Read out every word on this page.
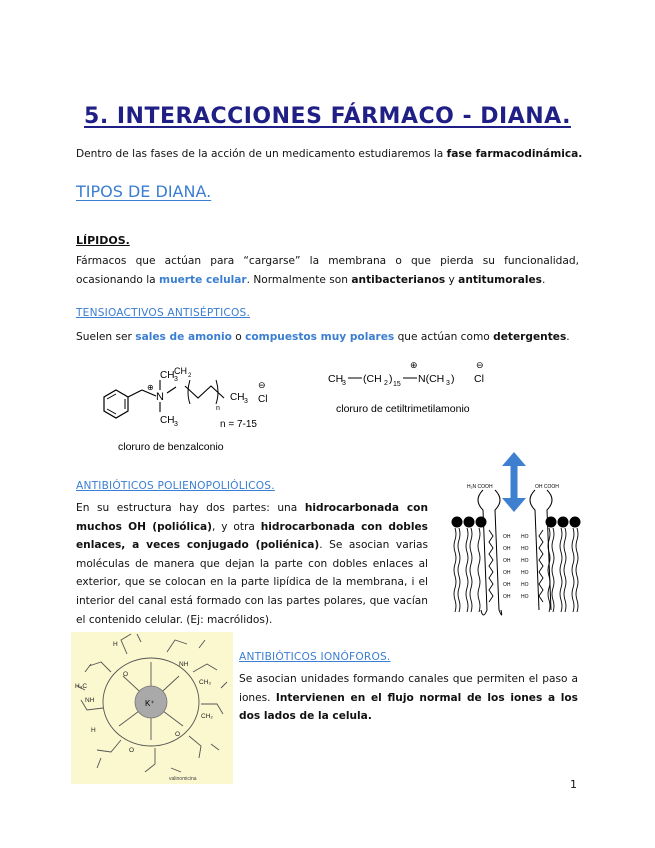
5. INTERACCIONES FÁRMACO - DIANA.
Dentro de las fases de la acción de un medicamento estudiaremos la fase farmacodinámica.
TIPOS DE DIANA.
LÍPIDOS.
Fármacos que actúan para “cargarse” la membrana o que pierda su funcionalidad, ocasionando la muerte celular. Normalmente son antibacterianos y antitumorales.
TENSIOACTIVOS ANTISÉPTICOS.
Suelen ser sales de amonio o compuestos muy polares que actúan como detergentes.
⊕
N
CH 3
n
CH 3
CH 2
CH 3
⊖
Cl
n = 7-15
cloruro de benzalconio
CH
3 (CH 2 ) 15
⊕
N(CH 3 )
⊖
Cl
cloruro de cetiltrimetilamonio
ANTIBIÓTICOS POLIENOPOLIÓLICOS.
En su estructura hay dos partes: una hidrocarbonada con muchos OH (poliólica), y otra hidrocarbonada con dobles enlaces, a veces conjugado (poliénica). Se asocian varias moléculas de manera que dejan la parte con dobles enlaces al exterior, que se colocan en la parte lipídica de la membrana, i el interior del canal está formado con las partes polares, que vacían el contenido celular. (Ej: macrólidos).
H₂N COOH	OH COOH
OH
OH
OH
OH
OH
OH
HO
HO
HO
HO
HO
HO
K⁺
H
O
NH
CH₃
H₃C
CH₂
O
H
NH
O
valinomicina
ANTIBIÓTICOS IONÓFOROS.
Se asocian unidades formando canales que permiten el paso a iones. Intervienen en el flujo normal de los iones a los dos lados de la celula.
1
